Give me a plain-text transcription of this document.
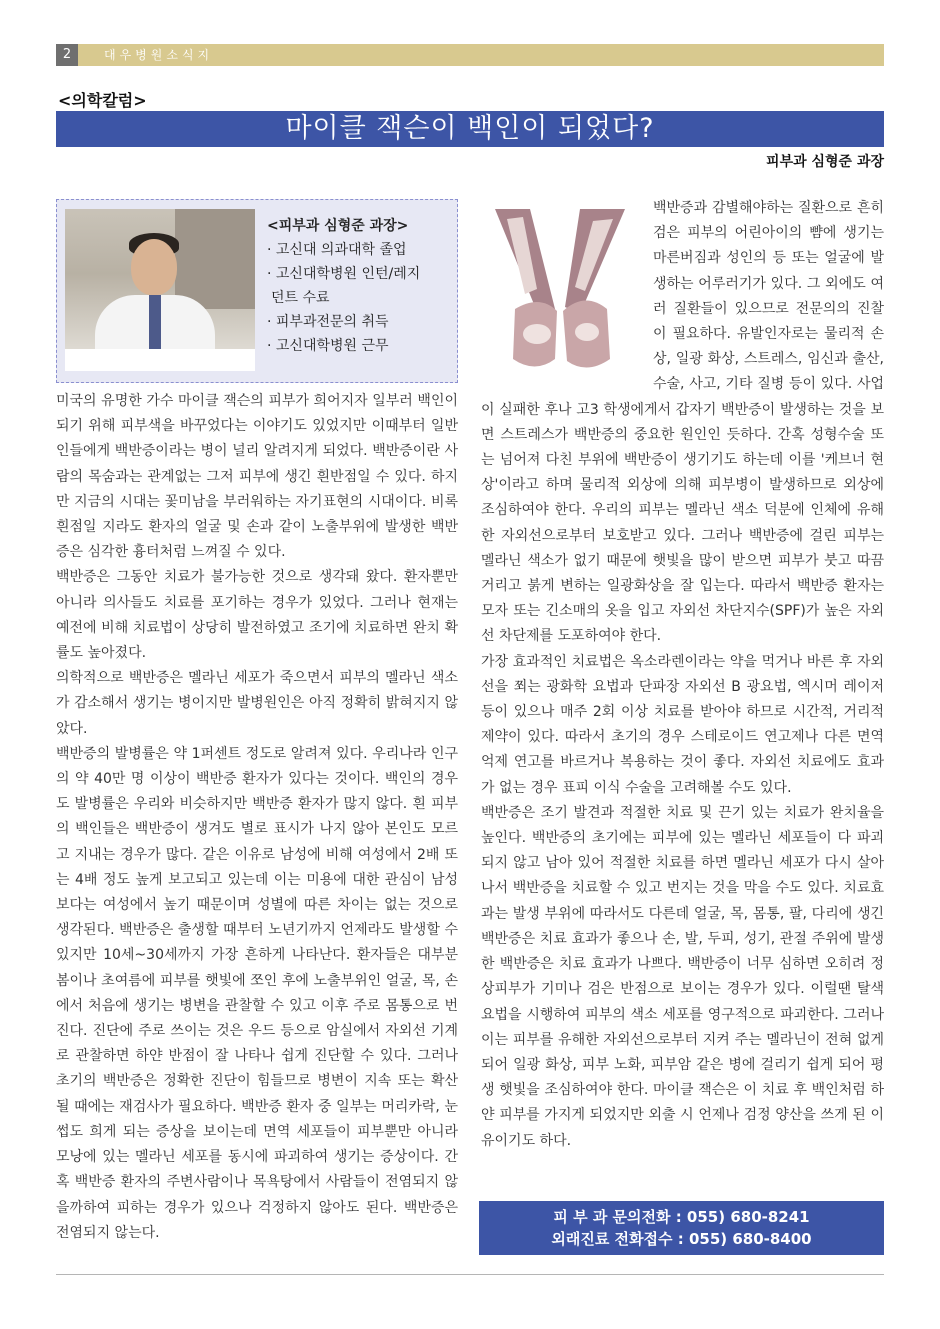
2	대우병원소식지
<의학칼럼>
마이클 잭슨이 백인이 되었다?
피부과 심형준 과장
<피부과 심형준 과장>
· 고신대 의과대학 졸업
· 고신대학병원 인턴/레지
던트 수료
· 피부과전문의 취득
· 고신대학병원 근무

미국의 유명한 가수 마이클 잭슨의 피부가 희어지자 일부러 백인이 되기 위해 피부색을 바꾸었다는 이야기도 있었지만 이때부터 일반인들에게 백반증이라는 병이 널리 알려지게 되었다. 백반증이란 사람의 목숨과는 관계없는 그저 피부에 생긴 흰반점일 수 있다. 하지만 지금의 시대는 꽃미남을 부러워하는 자기표현의 시대이다. 비록 흰점일 지라도 환자의 얼굴 및 손과 같이 노출부위에 발생한 백반증은 심각한 흉터처럼 느껴질 수 있다.

백반증은 그동안 치료가 불가능한 것으로 생각돼 왔다. 환자뿐만 아니라 의사들도 치료를 포기하는 경우가 있었다. 그러나 현재는 예전에 비해 치료법이 상당히 발전하였고 조기에 치료하면 완치 확률도 높아졌다.

의학적으로 백반증은 멜라닌 세포가 죽으면서 피부의 멜라닌 색소가 감소해서 생기는 병이지만 발병원인은 아직 정확히 밝혀지지 않았다.

백반증의 발병률은 약 1퍼센트 정도로 알려져 있다. 우리나라 인구의 약 40만 명 이상이 백반증 환자가 있다는 것이다. 백인의 경우도 발병률은 우리와 비슷하지만 백반증 환자가 많지 않다. 흰 피부의 백인들은 백반증이 생겨도 별로 표시가 나지 않아 본인도 모르고 지내는 경우가 많다. 같은 이유로 남성에 비해 여성에서 2배 또는 4배 정도 높게 보고되고 있는데 이는 미용에 대한 관심이 남성 보다는 여성에서 높기 때문이며 성별에 따른 차이는 없는 것으로 생각된다. 백반증은 출생할 때부터 노년기까지 언제라도 발생할 수 있지만 10세~30세까지 가장 흔하게 나타난다. 환자들은 대부분 봄이나 초여름에 피부를 햇빛에 쪼인 후에 노출부위인 얼굴, 목, 손에서 처음에 생기는 병변을 관찰할 수 있고 이후 주로 몸통으로 번진다. 진단에 주로 쓰이는 것은 우드 등으로 암실에서 자외선 기계로 관찰하면 하얀 반점이 잘 나타나 쉽게 진단할 수 있다. 그러나 초기의 백반증은 정확한 진단이 힘들므로 병변이 지속 또는 확산 될 때에는 재검사가 필요하다. 백반증 환자 중 일부는 머리카락, 눈썹도 희게 되는 증상을 보이는데 면역 세포들이 피부뿐만 아니라 모낭에 있는 멜라닌 세포를 동시에 파괴하여 생기는 증상이다. 간혹 백반증 환자의 주변사람이나 목욕탕에서 사람들이 전염되지 않을까하여 피하는 경우가 있으나 걱정하지 않아도 된다. 백반증은 전염되지 않는다.

백반증과 감별해야하는 질환으로 흔히 검은 피부의 어린아이의 뺨에 생기는 마른버짐과 성인의 등 또는 얼굴에 발생하는 어루러기가 있다. 그 외에도 여러 질환들이 있으므로 전문의의 진찰이 필요하다. 유발인자로는 물리적 손상, 일광 화상, 스트레스, 임신과 출산, 수술, 사고, 기타 질병 등이 있다. 사업이 실패한 후나 고3 학생에게서 갑자기 백반증이 발생하는 것을 보면 스트레스가 백반증의 중요한 원인인 듯하다. 간혹 성형수술 또는 넘어져 다친 부위에 백반증이 생기기도 하는데 이를 '케브너 현상'이라고 하며 물리적 외상에 의해 피부병이 발생하므로 외상에 조심하여야 한다. 우리의 피부는 멜라닌 색소 덕분에 인체에 유해한 자외선으로부터 보호받고 있다. 그러나 백반증에 걸린 피부는 멜라닌 색소가 없기 때문에 햇빛을 많이 받으면 피부가 붓고 따끔거리고 붉게 변하는 일광화상을 잘 입는다. 따라서 백반증 환자는 모자 또는 긴소매의 옷을 입고 자외선 차단지수(SPF)가 높은 자외선 차단제를 도포하여야 한다.

가장 효과적인 치료법은 옥소라렌이라는 약을 먹거나 바른 후 자외선을 쬐는 광화학 요법과 단파장 자외선 B 광요법, 엑시머 레이저 등이 있으나 매주 2회 이상 치료를 받아야 하므로 시간적, 거리적 제약이 있다. 따라서 초기의 경우 스테로이드 연고제나 다른 면역 억제 연고를 바르거나 복용하는 것이 좋다. 자외선 치료에도 효과가 없는 경우 표피 이식 수술을 고려해볼 수도 있다.

백반증은 조기 발견과 적절한 치료 및 끈기 있는 치료가 완치율을 높인다. 백반증의 초기에는 피부에 있는 멜라닌 세포들이 다 파괴되지 않고 남아 있어 적절한 치료를 하면 멜라닌 세포가 다시 살아나서 백반증을 치료할 수 있고 번지는 것을 막을 수도 있다. 치료효과는 발생 부위에 따라서도 다른데 얼굴, 목, 몸통, 팔, 다리에 생긴 백반증은 치료 효과가 좋으나 손, 발, 두피, 성기, 관절 주위에 발생한 백반증은 치료 효과가 나쁘다. 백반증이 너무 심하면 오히려 정상피부가 기미나 검은 반점으로 보이는 경우가 있다. 이럴땐 탈색 요법을 시행하여 피부의 색소 세포를 영구적으로 파괴한다. 그러나 이는 피부를 유해한 자외선으로부터 지켜 주는 멜라닌이 전혀 없게 되어 일광 화상, 피부 노화, 피부암 같은 병에 걸리기 쉽게 되어 평생 햇빛을 조심하여야 한다. 마이클 잭슨은 이 치료 후 백인처럼 하얀 피부를 가지게 되었지만 외출 시 언제나 검정 양산을 쓰게 된 이유이기도 하다.

피 부 과 문의전화 : 055) 680-8241
외래진료 전화접수 : 055) 680-8400
